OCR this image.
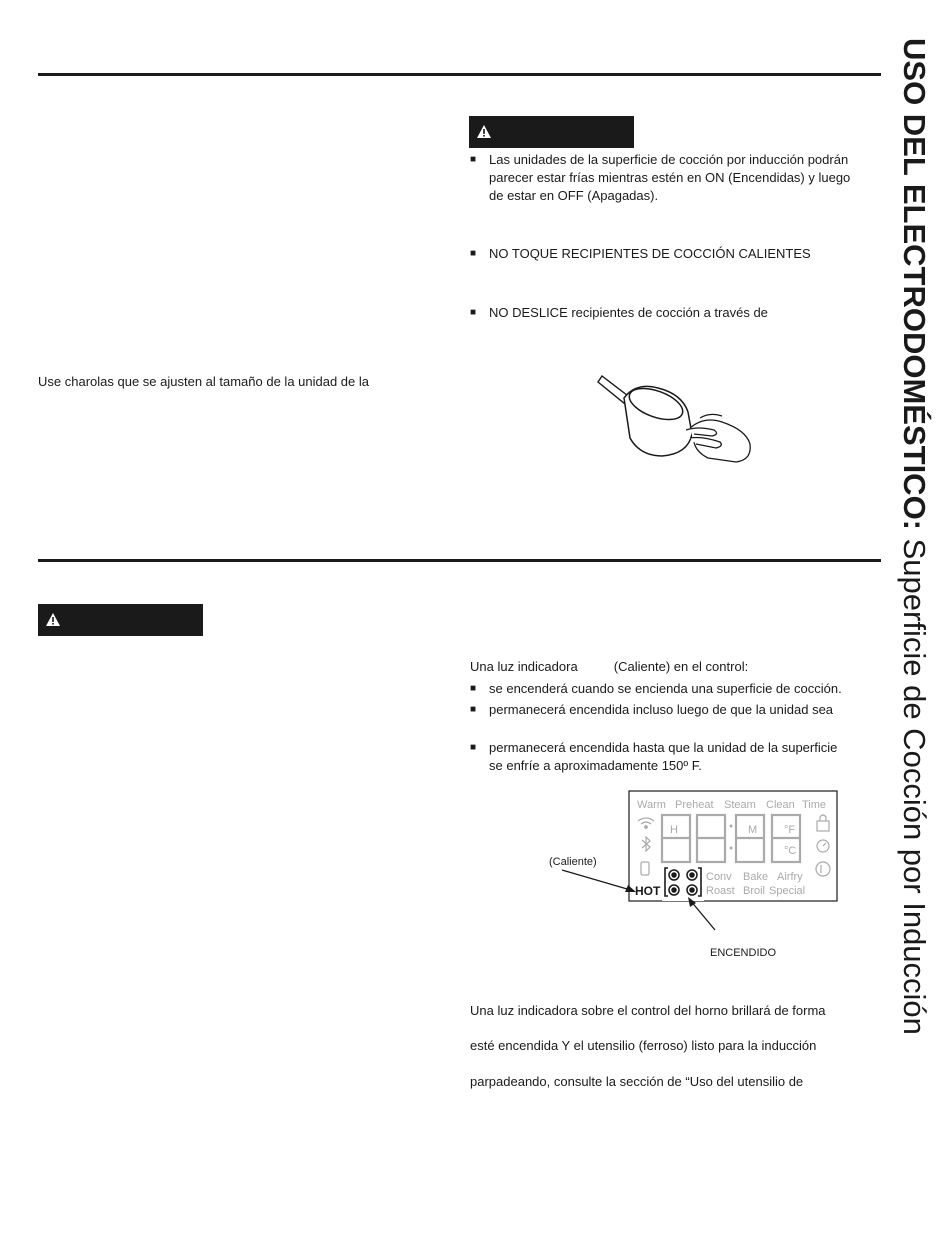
■ Las unidades de la superficie de cocción por inducción podrán
parecer estar frías mientras estén en ON (Encendidas) y luego
de estar en OFF (Apagadas).
■ NO TOQUE RECIPIENTES DE COCCIÓN CALIENTES
■ NO DESLICE recipientes de cocción a través de
Use charolas que se ajusten al tamaño de la unidad de la
Una luz indicadora          (Caliente) en el control:
■ se encenderá cuando se encienda una superficie de cocción.
■ permanecerá encendida incluso luego de que la unidad sea
■ permanecerá encendida hasta que la unidad de la superficie
se enfríe a aproximadamente 150º F.
Warm Preheat Steam Clean Time
H	M °F
°C
Conv Bake Airfry
Roast Broil Special
HOT
(Caliente)
ENCENDIDO
Una luz indicadora sobre el control del horno brillará de forma
esté encendida Y el utensilio (ferroso) listo para la inducción
parpadeando, consulte la sección de “Uso del utensilio de
USO DEL ELECTRODOMÉSTICO: Superficie de Cocción por Inducción
